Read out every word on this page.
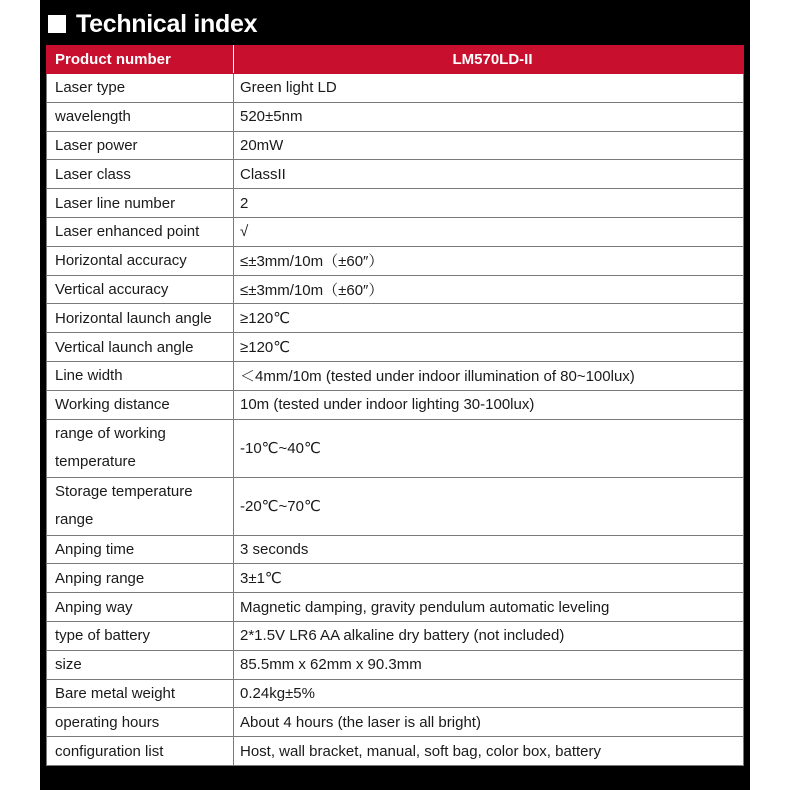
Technical index
Product number	LM570LD-II
Laser type	Green light LD
wavelength	520±5nm
Laser power	20mW
Laser class	ClassII
Laser line number	2
Laser enhanced point	√
Horizontal accuracy	≤±3mm/10m（±60″）
Vertical accuracy	≤±3mm/10m（±60″）
Horizontal launch angle	≥120℃
Vertical launch angle	≥120℃
Line width	＜4mm/10m (tested under indoor illumination of 80~100lux)
Working distance	10m (tested under indoor lighting 30-100lux)
range of working temperature	-10℃~40℃
Storage temperature range	-20℃~70℃
Anping time	3 seconds
Anping range	3±1℃
Anping way	Magnetic damping, gravity pendulum automatic leveling
type of battery	2*1.5V LR6 AA alkaline dry battery (not included)
size	85.5mm x 62mm x 90.3mm
Bare metal weight	0.24kg±5%
operating hours	About 4 hours (the laser is all bright)
configuration list	Host, wall bracket, manual, soft bag, color box, battery
